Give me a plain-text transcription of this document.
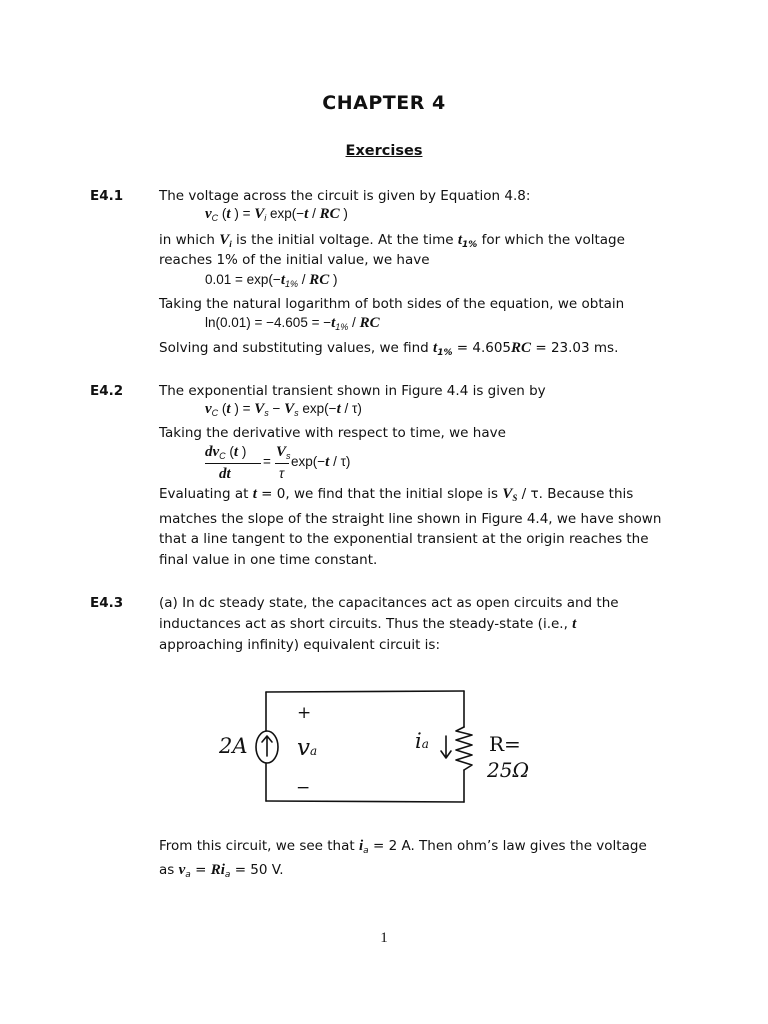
CHAPTER 4
Exercises
E4.1	The voltage across the circuit is given by Equation 4.8:
$v_C$ (t ) = $V_i$ exp(−t / RC )
in which $V_i$ is the initial voltage. At the time $t_{1\%}$ for which the voltage
reaches 1% of the initial value, we have
$0.01 = \exp(-t_{1\%}$ / RC )
Taking the natural logarithm of both sides of the equation, we obtain
$\ln(0.01) = -4.605 = -t_{1\%}$ / RC
Solving and substituting values, we find $t_{1\%} = 4.605RC = 23.03$ ms.
E4.2	The exponential transient shown in Figure 4.4 is given by
$v_C$ (t ) = $V_s - V_s$ exp(−t / τ)
Taking the derivative with respect to time, we have
$dv_C$ (t )
dt
=
$V_s$
τ
exp(−t / τ)
Evaluating at t = 0, we find that the initial slope is $V_S$ / τ. Because this
matches the slope of the straight line shown in Figure 4.4, we have shown
that a line tangent to the exponential transient at the origin reaches the
final value in one time constant.
E4.3	(a) In dc steady state, the capacitances act as open circuits and the
inductances act as short circuits. Thus the steady-state (i.e., t
approaching infinity) equivalent circuit is:
2A
+
va
−
ia	R=
25Ω
From this circuit, we see that $i_a = 2$ A. Then ohm’s law gives the voltage
as $v_a = Ri_a = 50$ V.
1
